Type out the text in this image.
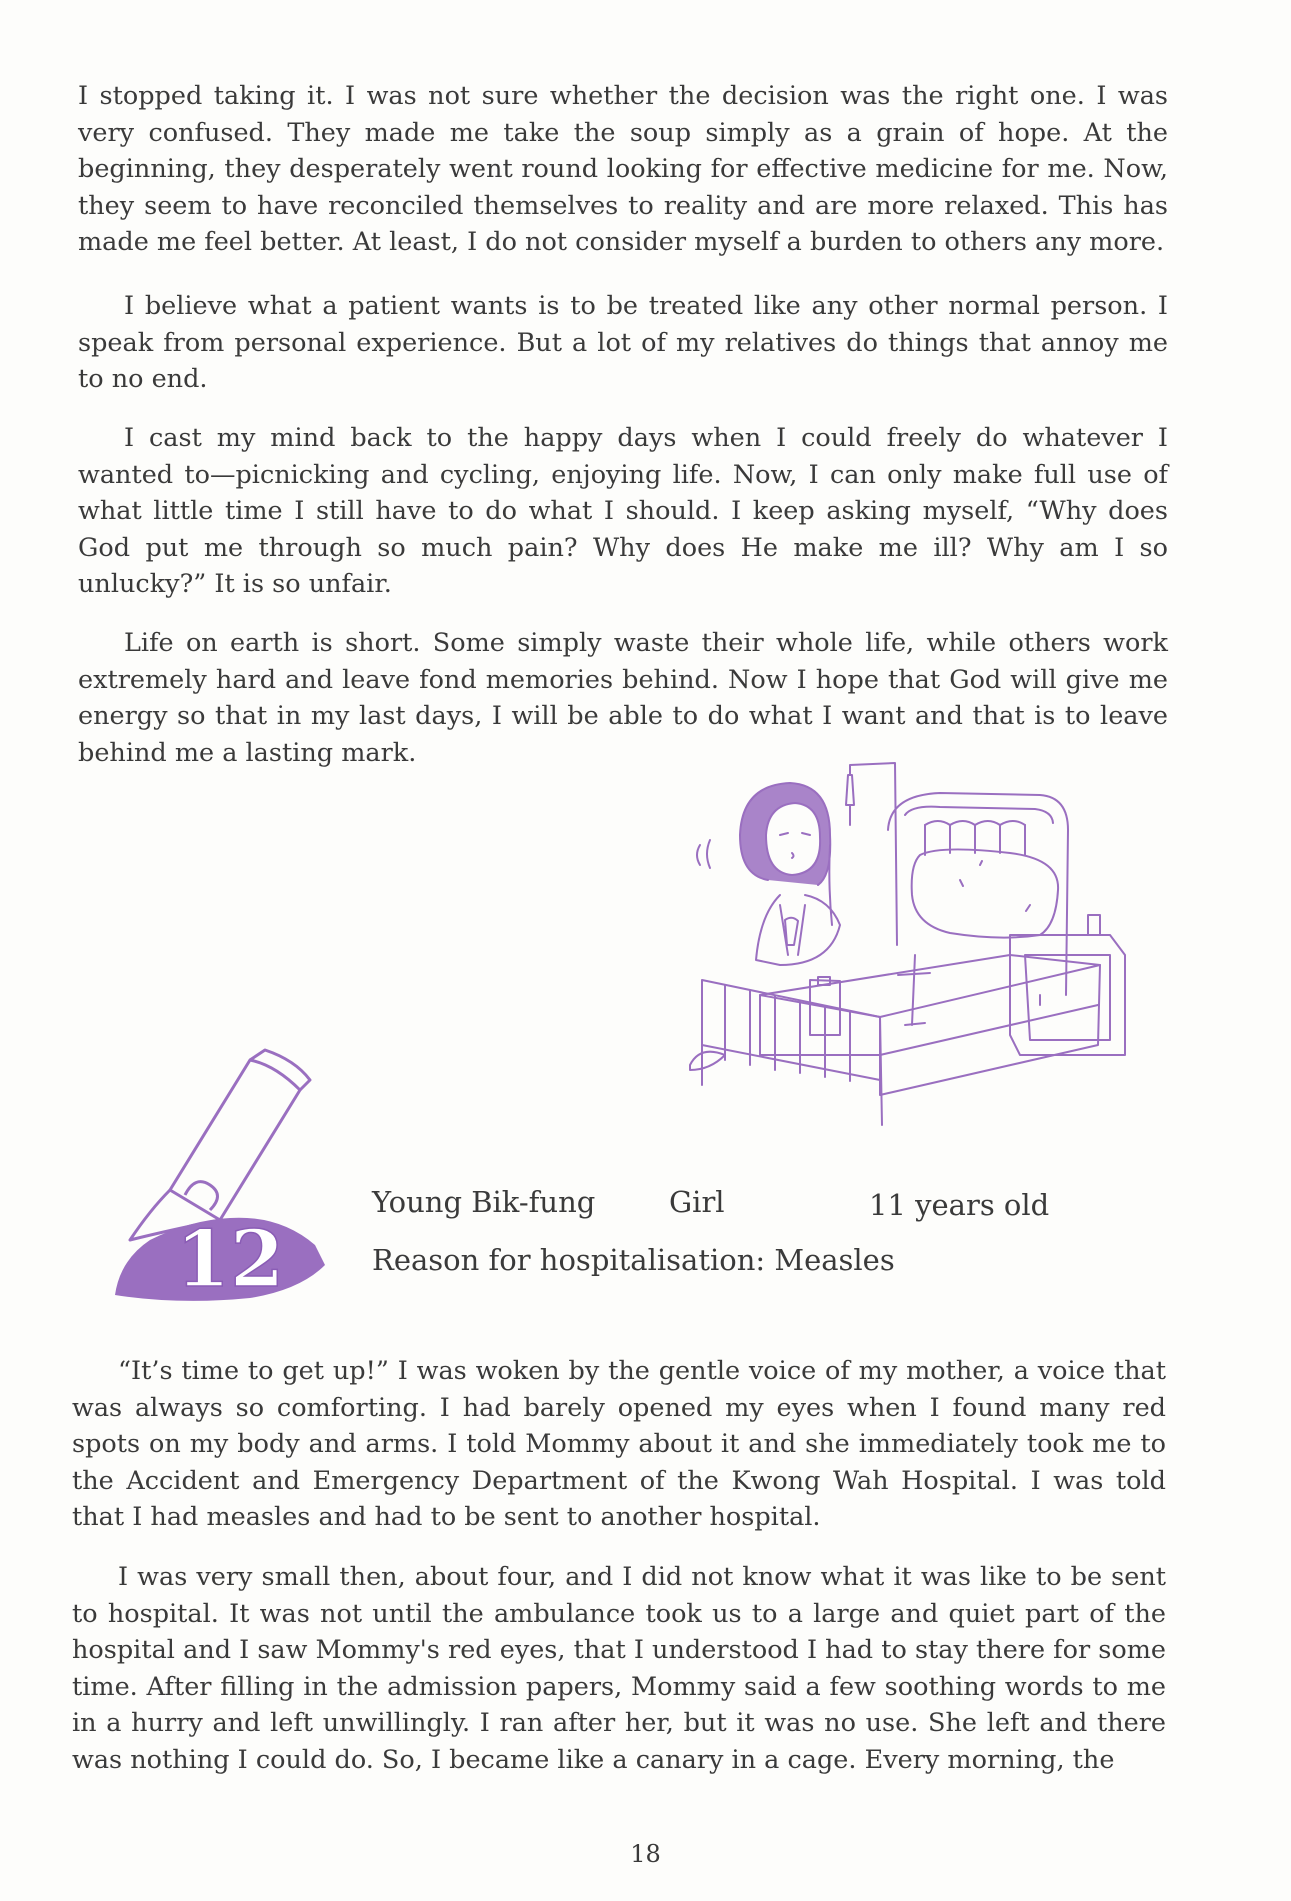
I stopped taking it. I was not sure whether the decision was the right one. I was very confused. They made me take the soup simply as a grain of hope. At the beginning, they desperately went round looking for effective medicine for me. Now, they seem to have reconciled themselves to reality and are more relaxed. This has made me feel better. At least, I do not consider myself a burden to others any more.

I believe what a patient wants is to be treated like any other normal person. I speak from personal experience. But a lot of my relatives do things that annoy me to no end.

I cast my mind back to the happy days when I could freely do whatever I wanted to—picnicking and cycling, enjoying life. Now, I can only make full use of what little time I still have to do what I should. I keep asking myself, “Why does God put me through so much pain? Why does He make me ill? Why am I so unlucky?” It is so unfair.

Life on earth is short. Some simply waste their whole life, while others work extremely hard and leave fond memories behind. Now I hope that God will give me energy so that in my last days, I will be able to do what I want and that is to leave behind me a lasting mark.

12
Young Bik-fung	Girl	11 years old
Reason for hospitalisation: Measles

“It’s time to get up!” I was woken by the gentle voice of my mother, a voice that was always so comforting. I had barely opened my eyes when I found many red spots on my body and arms. I told Mommy about it and she immediately took me to the Accident and Emergency Department of the Kwong Wah Hospital. I was told that I had measles and had to be sent to another hospital.

I was very small then, about four, and I did not know what it was like to be sent to hospital. It was not until the ambulance took us to a large and quiet part of the hospital and I saw Mommy's red eyes, that I understood I had to stay there for some time. After filling in the admission papers, Mommy said a few soothing words to me in a hurry and left unwillingly. I ran after her, but it was no use. She left and there was nothing I could do. So, I became like a canary in a cage. Every morning, the

18
